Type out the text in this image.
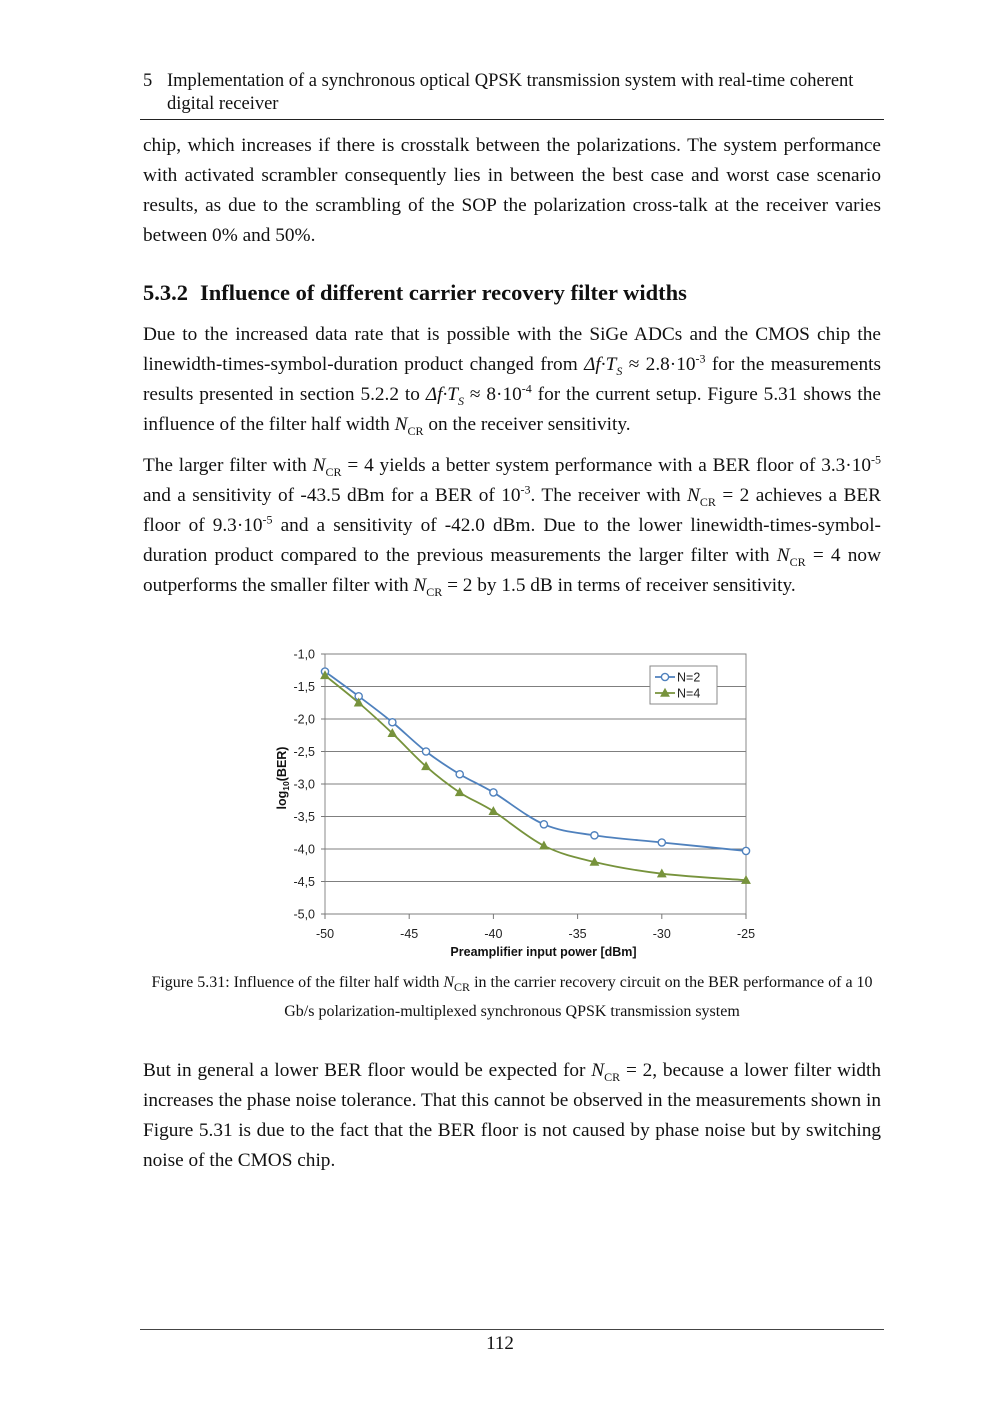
5 Implementation of a synchronous optical QPSK transmission system with real-time coherent digital receiver

chip, which increases if there is crosstalk between the polarizations. The system performance with activated scrambler consequently lies in between the best case and worst case scenario results, as due to the scrambling of the SOP the polarization cross-talk at the receiver varies between 0% and 50%.

5.3.2 Influence of different carrier recovery filter widths

Due to the increased data rate that is possible with the SiGe ADCs and the CMOS chip the linewidth-times-symbol-duration product changed from $\Delta f\cdot T_S \approx 2.8\cdot 10^{-3}$ for the measurements results presented in section 5.2.2 to $\Delta f\cdot T_S \approx 8\cdot 10^{-4}$ for the current setup. Figure 5.31 shows the influence of the filter half width $N_{CR}$ on the receiver sensitivity.

The larger filter with $N_{CR} = 4$ yields a better system performance with a BER floor of $3.3\cdot 10^{-5}$ and a sensitivity of -43.5 dBm for a BER of $10^{-3}$. The receiver with $N_{CR} = 2$ achieves a BER floor of $9.3\cdot 10^{-5}$ and a sensitivity of -42.0 dBm. Due to the lower linewidth-times-symbol-duration product compared to the previous measurements the larger filter with $N_{CR} = 4$ now outperforms the smaller filter with $N_{CR} = 2$ by 1.5 dB in terms of receiver sensitivity.

-1,0
-1,5
-2,0
-2,5
-3,0
-3,5
-4,0
-4,5
-5,0
-50	-45	-40	-35	-30	-25
Preamplifier input power [dBm]
$\log_{10}(BER)$
N=2
N=4
Figure 5.31: Influence of the filter half width $N_{CR}$ in the carrier recovery circuit on the BER performance of a 10 Gb/s polarization-multiplexed synchronous QPSK transmission system

But in general a lower BER floor would be expected for $N_{CR} = 2$, because a lower filter width increases the phase noise tolerance. That this cannot be observed in the measurements shown in Figure 5.31 is due to the fact that the BER floor is not caused by phase noise but by switching noise of the CMOS chip.

112
